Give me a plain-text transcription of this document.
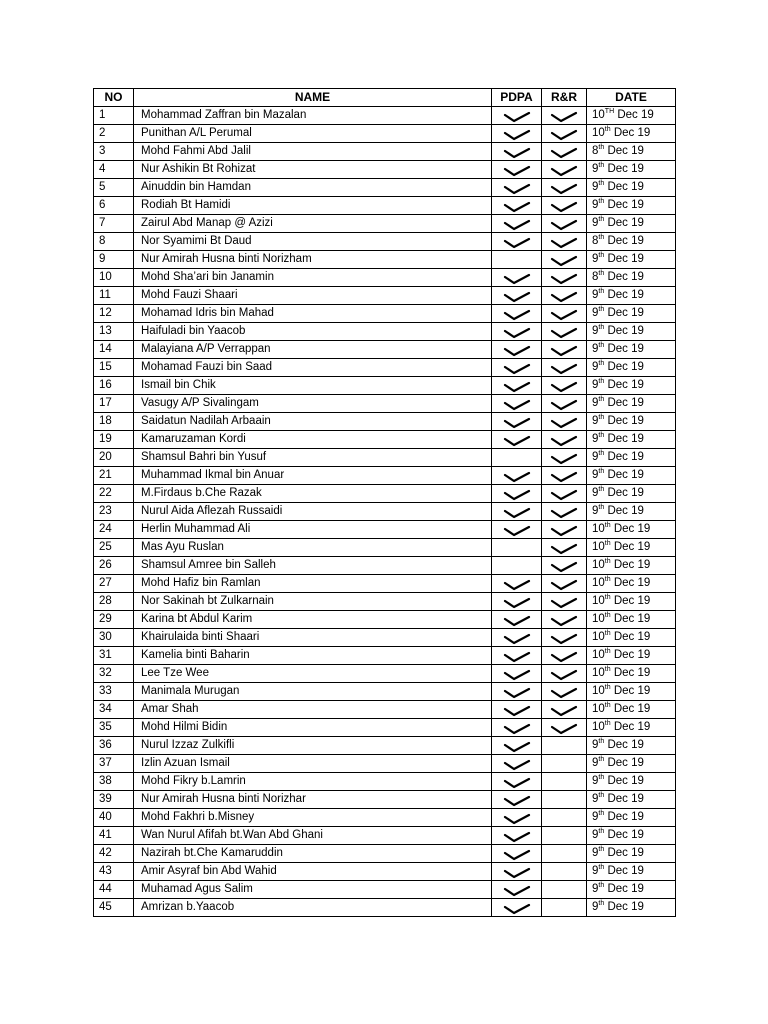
NO	NAME	PDPA	R&R	DATE
1	Mohammad Zaffran bin Mazalan			10TH Dec 19
2	Punithan A/L Perumal			10th Dec 19
3	Mohd Fahmi Abd Jalil			8th Dec 19
4	Nur Ashikin Bt Rohizat			9th Dec 19
5	Ainuddin bin Hamdan			9th Dec 19
6	Rodiah Bt Hamidi			9th Dec 19
7	Zairul Abd Manap @ Azizi			9th Dec 19
8	Nor Syamimi Bt Daud			8th Dec 19
9	Nur Amirah Husna binti Norizham			9th Dec 19
10	Mohd Sha’ari bin Janamin			8th Dec 19
11	Mohd Fauzi Shaari			9th Dec 19
12	Mohamad Idris bin Mahad			9th Dec 19
13	Haifuladi bin Yaacob			9th Dec 19
14	Malayiana A/P Verrappan			9th Dec 19
15	Mohamad Fauzi bin Saad			9th Dec 19
16	Ismail bin Chik			9th Dec 19
17	Vasugy A/P Sivalingam			9th Dec 19
18	Saidatun Nadilah Arbaain			9th Dec 19
19	Kamaruzaman Kordi			9th Dec 19
20	Shamsul Bahri bin Yusuf			9th Dec 19
21	Muhammad Ikmal bin Anuar			9th Dec 19
22	M.Firdaus b.Che Razak			9th Dec 19
23	Nurul Aida Aflezah Russaidi			9th Dec 19
24	Herlin Muhammad Ali			10th Dec 19
25	Mas Ayu Ruslan			10th Dec 19
26	Shamsul Amree bin Salleh			10th Dec 19
27	Mohd Hafiz bin Ramlan			10th Dec 19
28	Nor Sakinah bt Zulkarnain			10th Dec 19
29	Karina bt Abdul Karim			10th Dec 19
30	Khairulaida binti Shaari			10th Dec 19
31	Kamelia binti Baharin			10th Dec 19
32	Lee Tze Wee			10th Dec 19
33	Manimala Murugan			10th Dec 19
34	Amar Shah			10th Dec 19
35	Mohd Hilmi Bidin			10th Dec 19
36	Nurul Izzaz Zulkifli			9th Dec 19
37	Izlin Azuan Ismail			9th Dec 19
38	Mohd Fikry b.Lamrin			9th Dec 19
39	Nur Amirah Husna binti Norizhar			9th Dec 19
40	Mohd Fakhri b.Misney			9th Dec 19
41	Wan Nurul Afifah bt.Wan Abd Ghani			9th Dec 19
42	Nazirah bt.Che Kamaruddin			9th Dec 19
43	Amir Asyraf bin Abd Wahid			9th Dec 19
44	Muhamad Agus Salim			9th Dec 19
45	Amrizan b.Yaacob			9th Dec 19
